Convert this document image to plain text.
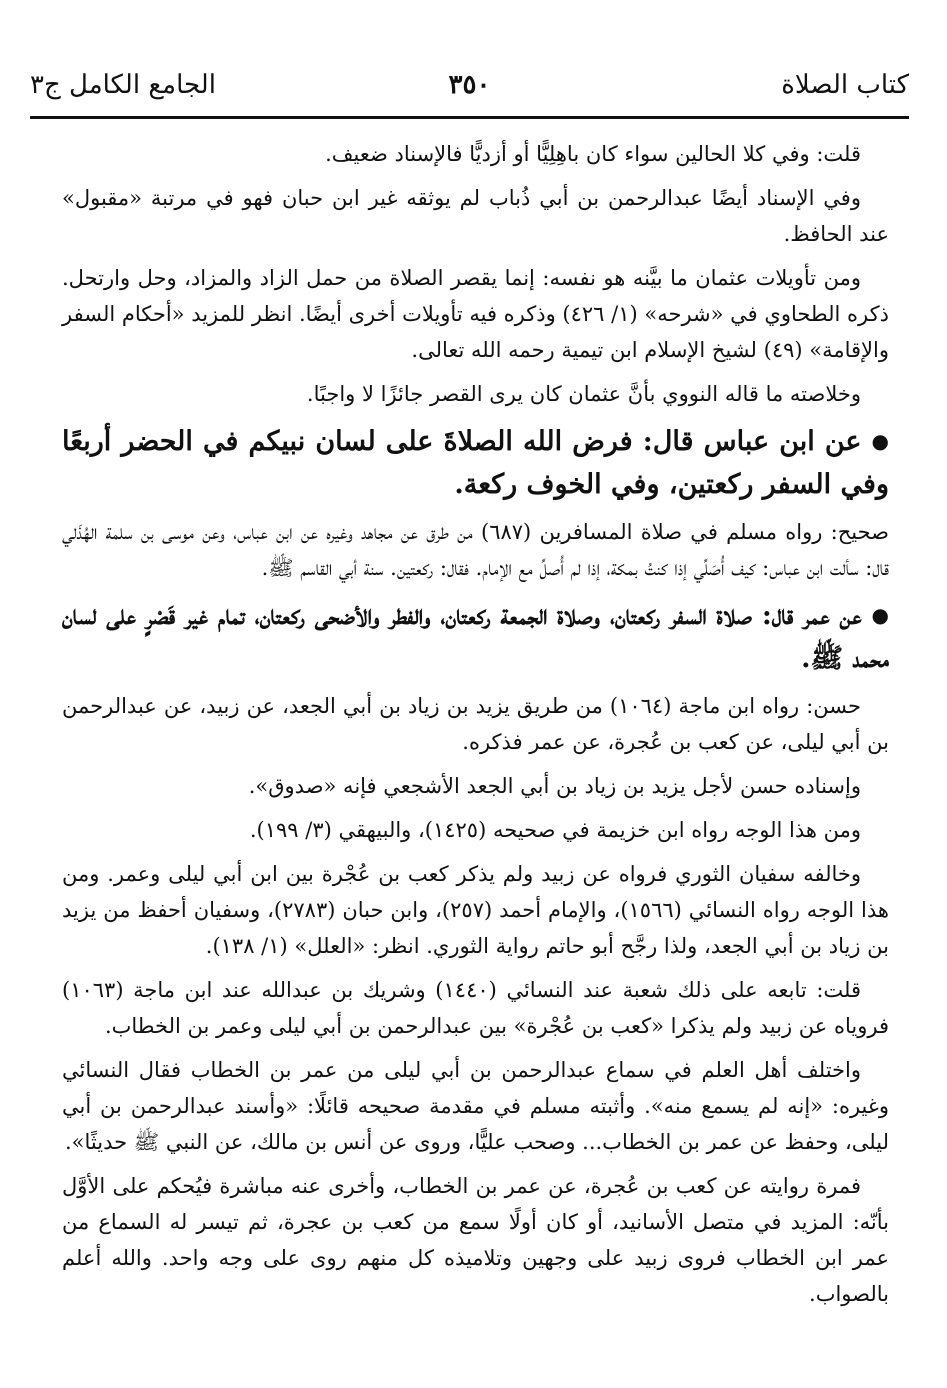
كتاب الصلاة
٣٥٠
الجامع الكامل ج٣

قلت: وفي كلا الحالين سواء كان باهِلِيًّا أو أزديًّا فالإسناد ضعيف.

وفي الإسناد أيضًا عبدالرحمن بن أبي ذُباب لم يوثقه غير ابن حبان فهو في مرتبة «مقبول» عند الحافظ.

ومن تأويلات عثمان ما بيَّنه هو نفسه: إنما يقصر الصلاة من حمل الزاد والمزاد، وحل وارتحل. ذكره الطحاوي في «شرحه» (١/ ٤٢٦) وذكره فيه تأويلات أخرى أيضًا. انظر للمزيد «أحكام السفر والإقامة» (٤٩) لشيخ الإسلام ابن تيمية رحمه الله تعالى.

وخلاصته ما قاله النووي بأنَّ عثمان كان يرى القصر جائزًا لا واجبًا.

●عن ابن عباس قال: فرض الله الصلاةَ على لسان نبيكم في الحضر أربعًا وفي السفر ركعتين، وفي الخوف ركعة.

صحيح: رواه مسلم في صلاة المسافرين (٦٨٧) من طرق عن مجاهد وغيره عن ابن عباس، وعن موسى بن سلمة الهُذَلي قال: سألت ابن عباس: كيف أُصَلِّي إذا كنتُ بمكة، إذا لم أُصلِّ مع الإمام. فقال: ركعتين. سنة أبي القاسم ﷺ.

●عن عمر قال: صلاة السفر ركعتان، وصلاة الجمعة ركعتان، والفطر والأضحى ركعتان، تمام غير قَصْرٍ على لسان محمد ﷺ.

حسن: رواه ابن ماجة (١٠٦٤) من طريق يزيد بن زياد بن أبي الجعد، عن زبيد، عن عبدالرحمن بن أبي ليلى، عن كعب بن عُجرة، عن عمر فذكره.

وإسناده حسن لأجل يزيد بن زياد بن أبي الجعد الأشجعي فإنه «صدوق».

ومن هذا الوجه رواه ابن خزيمة في صحيحه (١٤٢٥)، والبيهقي (٣/ ١٩٩).

وخالفه سفيان الثوري فرواه عن زبيد ولم يذكر كعب بن عُجْرة بين ابن أبي ليلى وعمر. ومن هذا الوجه رواه النسائي (١٥٦٦)، والإمام أحمد (٢٥٧)، وابن حبان (٢٧٨٣)، وسفيان أحفظ من يزيد بن زياد بن أبي الجعد، ولذا رجَّح أبو حاتم رواية الثوري. انظر: «العلل» (١/ ١٣٨).

قلت: تابعه على ذلك شعبة عند النسائي (١٤٤٠) وشريك بن عبدالله عند ابن ماجة (١٠٦٣) فروياه عن زبيد ولم يذكرا «كعب بن عُجْرة» بين عبدالرحمن بن أبي ليلى وعمر بن الخطاب.

واختلف أهل العلم في سماع عبدالرحمن بن أبي ليلى من عمر بن الخطاب فقال النسائي وغيره: «إنه لم يسمع منه». وأثبته مسلم في مقدمة صحيحه قائلًا: «وأسند عبدالرحمن بن أبي ليلى، وحفظ عن عمر بن الخطاب... وصحب عليًّا، وروى عن أنس بن مالك، عن النبي ﷺ حديثًا».

فمرة روايته عن كعب بن عُجرة، عن عمر بن الخطاب، وأخرى عنه مباشرة فيُحكم على الأوَّل بأنّه: المزيد في متصل الأسانيد، أو كان أولًا سمع من كعب بن عجرة، ثم تيسر له السماع من عمر ابن الخطاب فروى زبيد على وجهين وتلاميذه كل منهم روى على وجه واحد. والله أعلم بالصواب.
